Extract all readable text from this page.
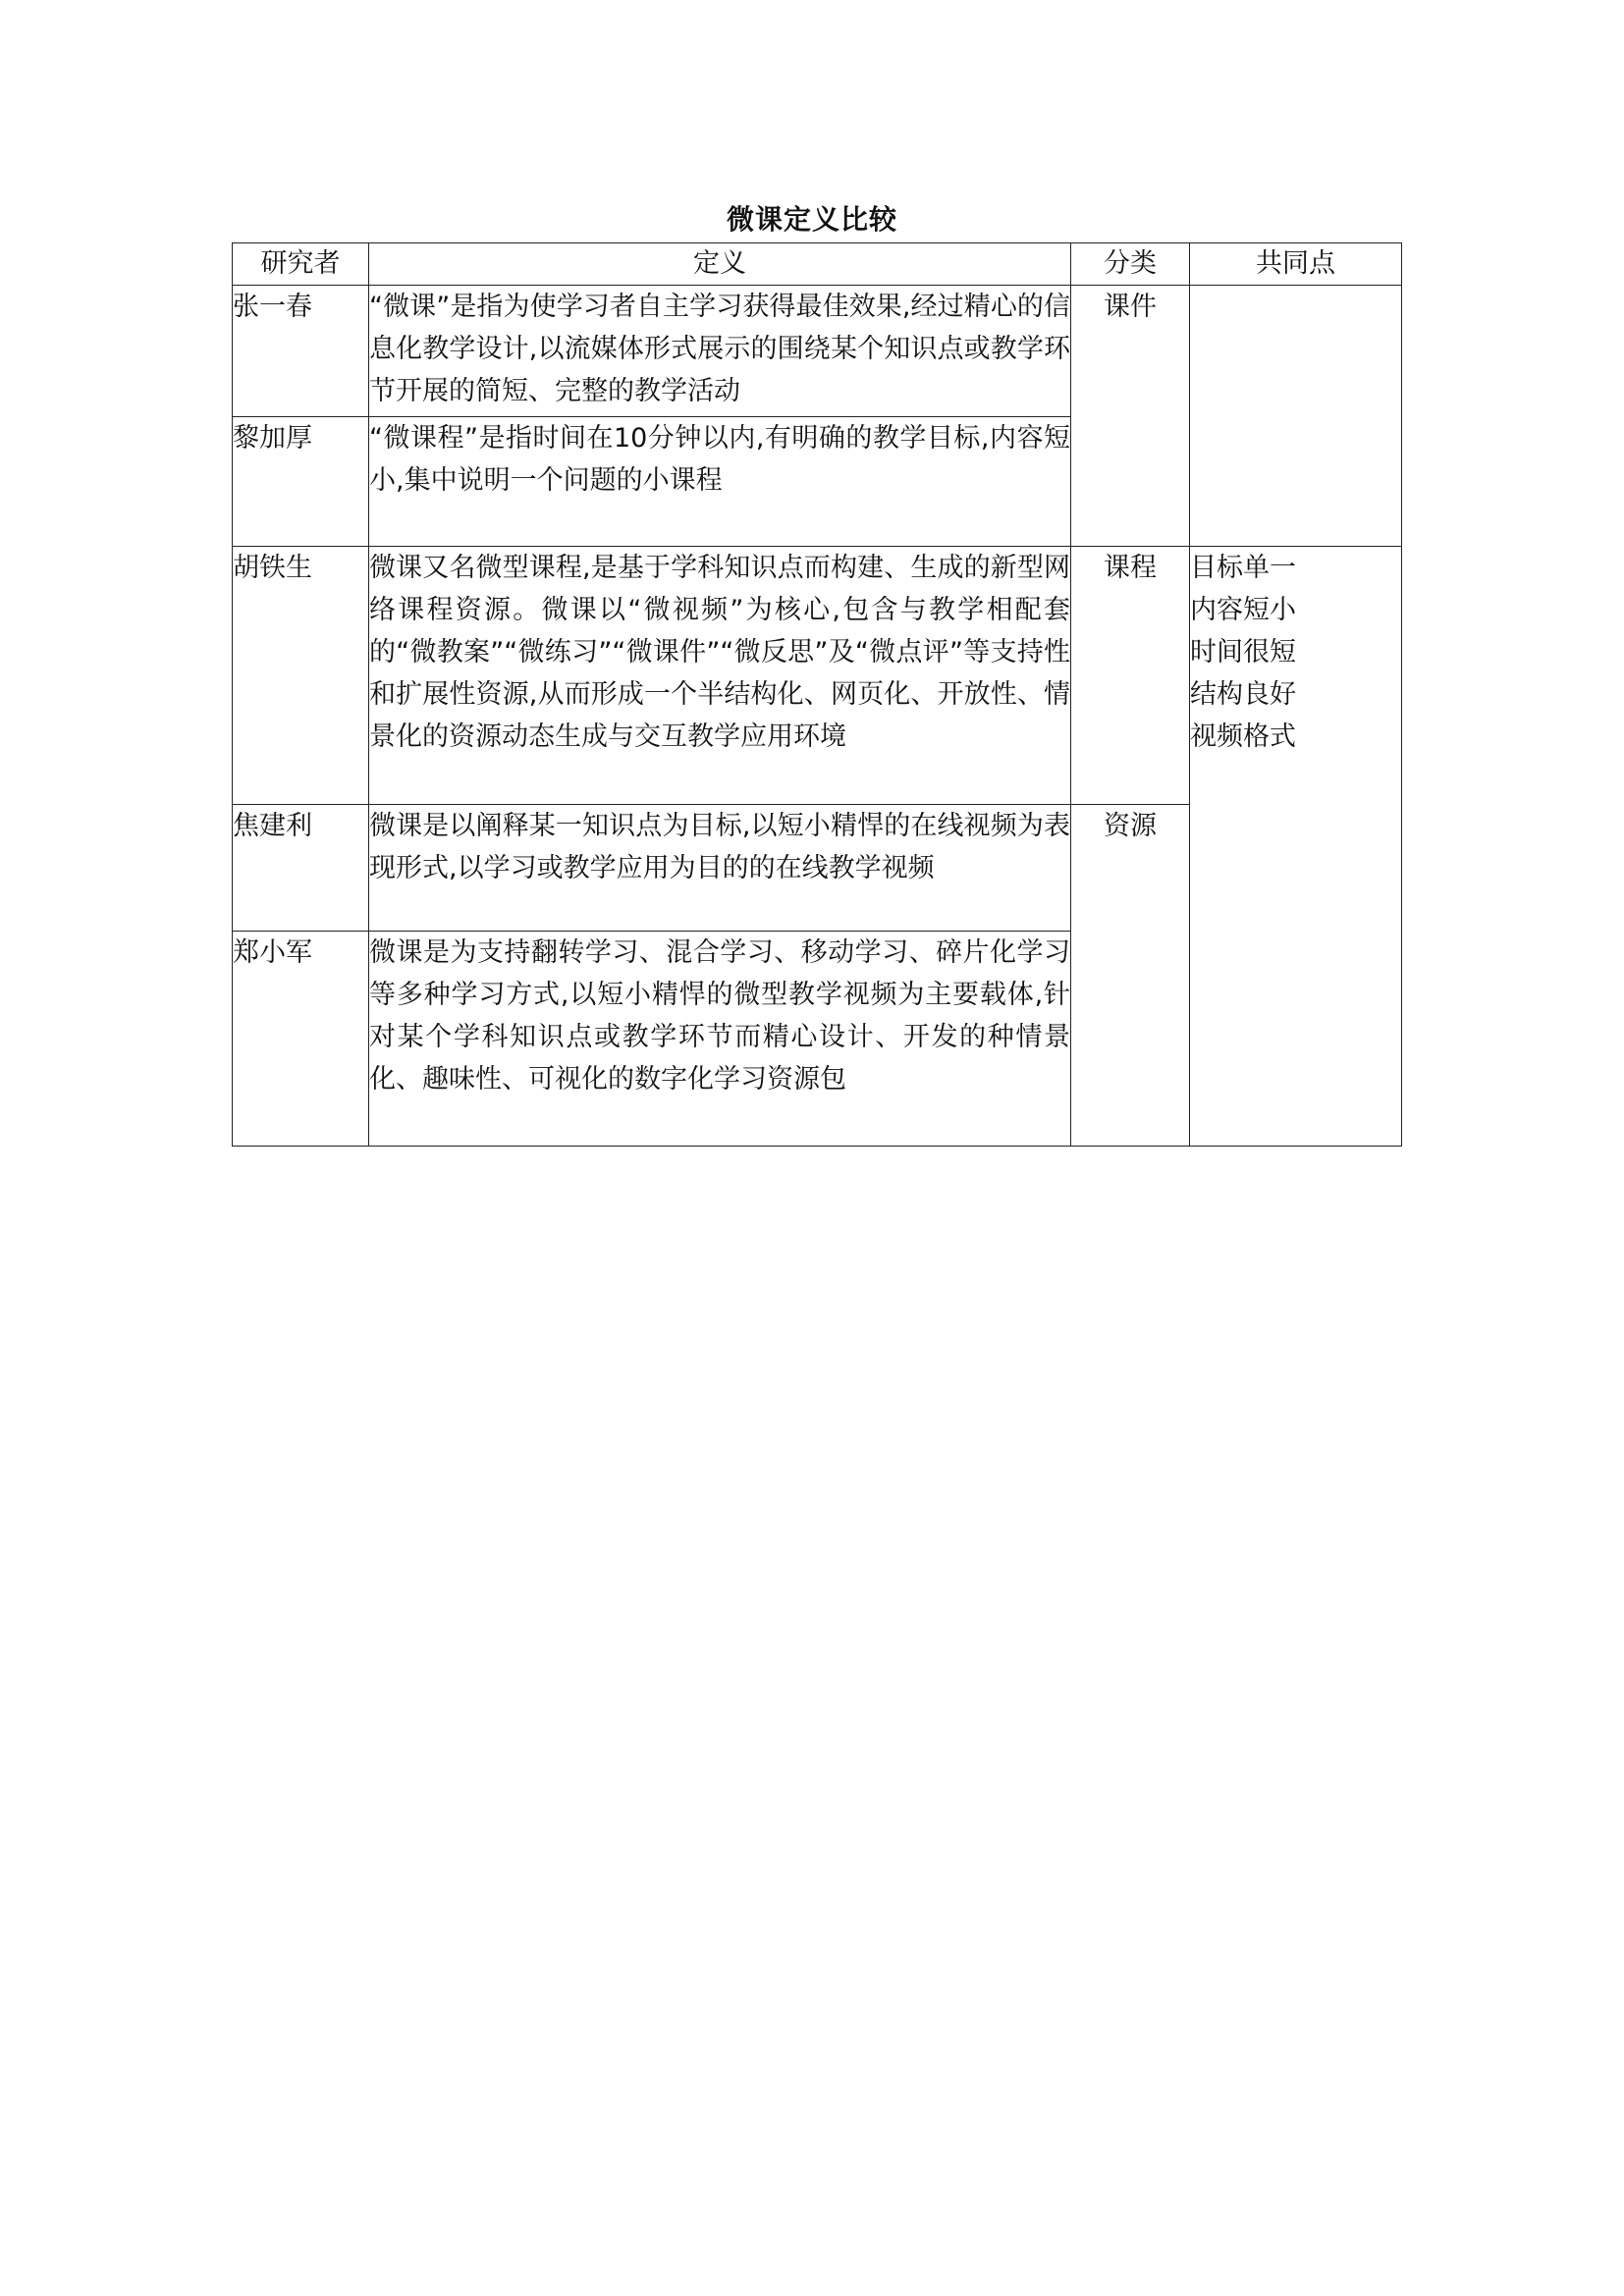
微课定义比较
研究者	定义	分类	共同点
张一春	“微课”是指为使学习者自主学习获得最佳效果,经过精心的信息化教学设计,以流媒体形式展示的围绕某个知识点或教学环节开展的简短、完整的教学活动	课件	
黎加厚	“微课程”是指时间在10分钟以内,有明确的教学目标,内容短小,集中说明一个问题的小课程		
胡铁生	微课又名微型课程,是基于学科知识点而构建、生成的新型网络课程资源。微课以“微视频”为核心,包含与教学相配套的“微教案”“微练习”“微课件”“微反思”及“微点评”等支持性和扩展性资源,从而形成一个半结构化、网页化、开放性、情景化的资源动态生成与交互教学应用环境	课程	目标单一
内容短小
时间很短
结构良好
视频格式

焦建利	微课是以阐释某一知识点为目标,以短小精悍的在线视频为表现形式,以学习或教学应用为目的的在线教学视频	资源	
郑小军	微课是为支持翻转学习、混合学习、移动学习、碎片化学习等多种学习方式,以短小精悍的微型教学视频为主要载体,针对某个学科知识点或教学环节而精心设计、开发的种情景化、趣味性、可视化的数字化学习资源包		
